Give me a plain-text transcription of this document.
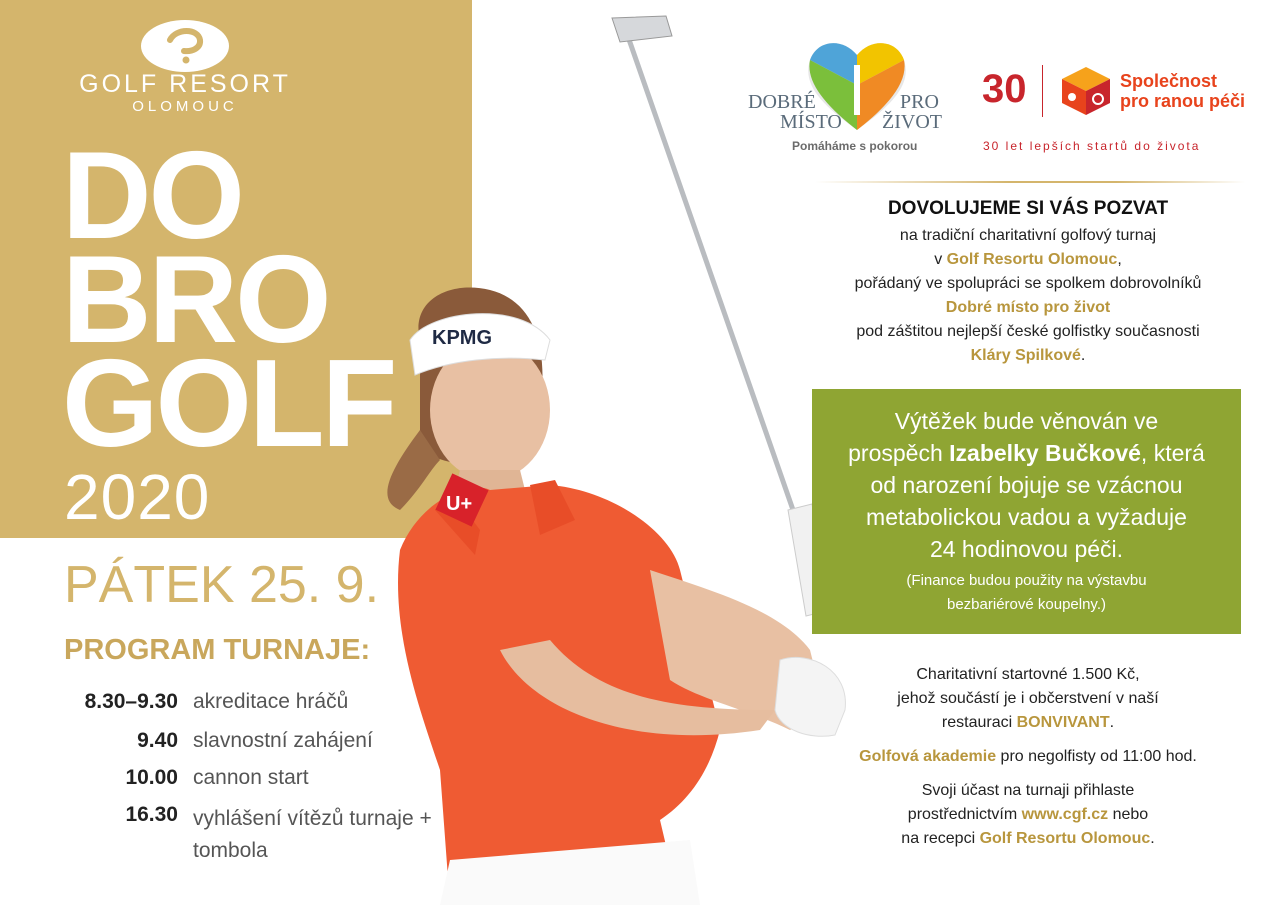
GOLF RESORT
OLOMOUC
DO
BRO
GOLF
2020
PÁTEK 25. 9.
PROGRAM TURNAJE:
8.30–9.30 akreditace hráčů
9.40 slavnostní zahájení
10.00 cannon start
16.30 vyhlášení vítězů turnaje + tombola
KPMG
U+
DOBRÉ
MÍSTO
PRO
ŽIVOT
Pomáháme s pokorou
30	Společnost
pro ranou péči
30 let lepších startů do života
DOVOLUJEME SI VÁS POZVAT
na tradiční charitativní golfový turnaj
v Golf Resortu Olomouc,
pořádaný ve spolupráci se spolkem dobrovolníků
Dobré místo pro život
pod záštitou nejlepší české golfistky současnosti
Kláry Spilkové.
Výtěžek bude věnován ve
prospěch Izabelky Bučkové, která
od narození bojuje se vzácnou
metabolickou vadou a vyžaduje
24 hodinovou péči.
(Finance budou použity na výstavbu
bezbariérové koupelny.)

Charitativní startovné 1.500 Kč,

jehož součástí je i občerstvení v naší

restauraci BONVIVANT.

Golfová akademie pro negolfisty od 11:00 hod.

Svoji účast na turnaji přihlaste

prostřednictvím www.cgf.cz nebo

na recepci Golf Resortu Olomouc.
